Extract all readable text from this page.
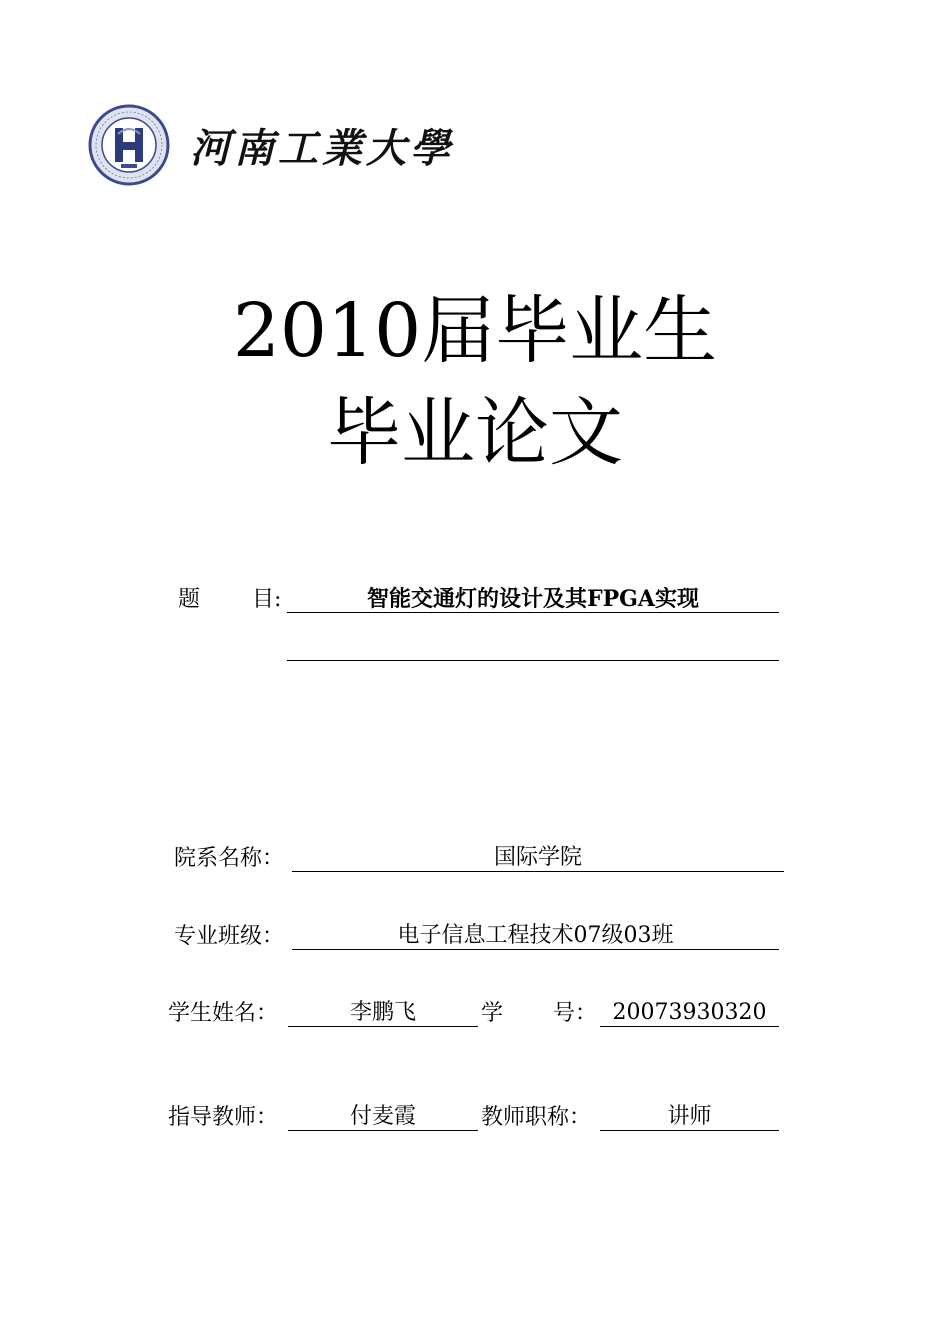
河南工業大學
2010届毕业生
毕业论文
题 目:	智能交通灯的设计及其FPGA实现
院系名称：	国际学院
专业班级：	电子信息工程技术07级03班
学生姓名：	李鹏飞	学 号： 20073930320
指导教师：	付麦霞	教师职称：	讲师
